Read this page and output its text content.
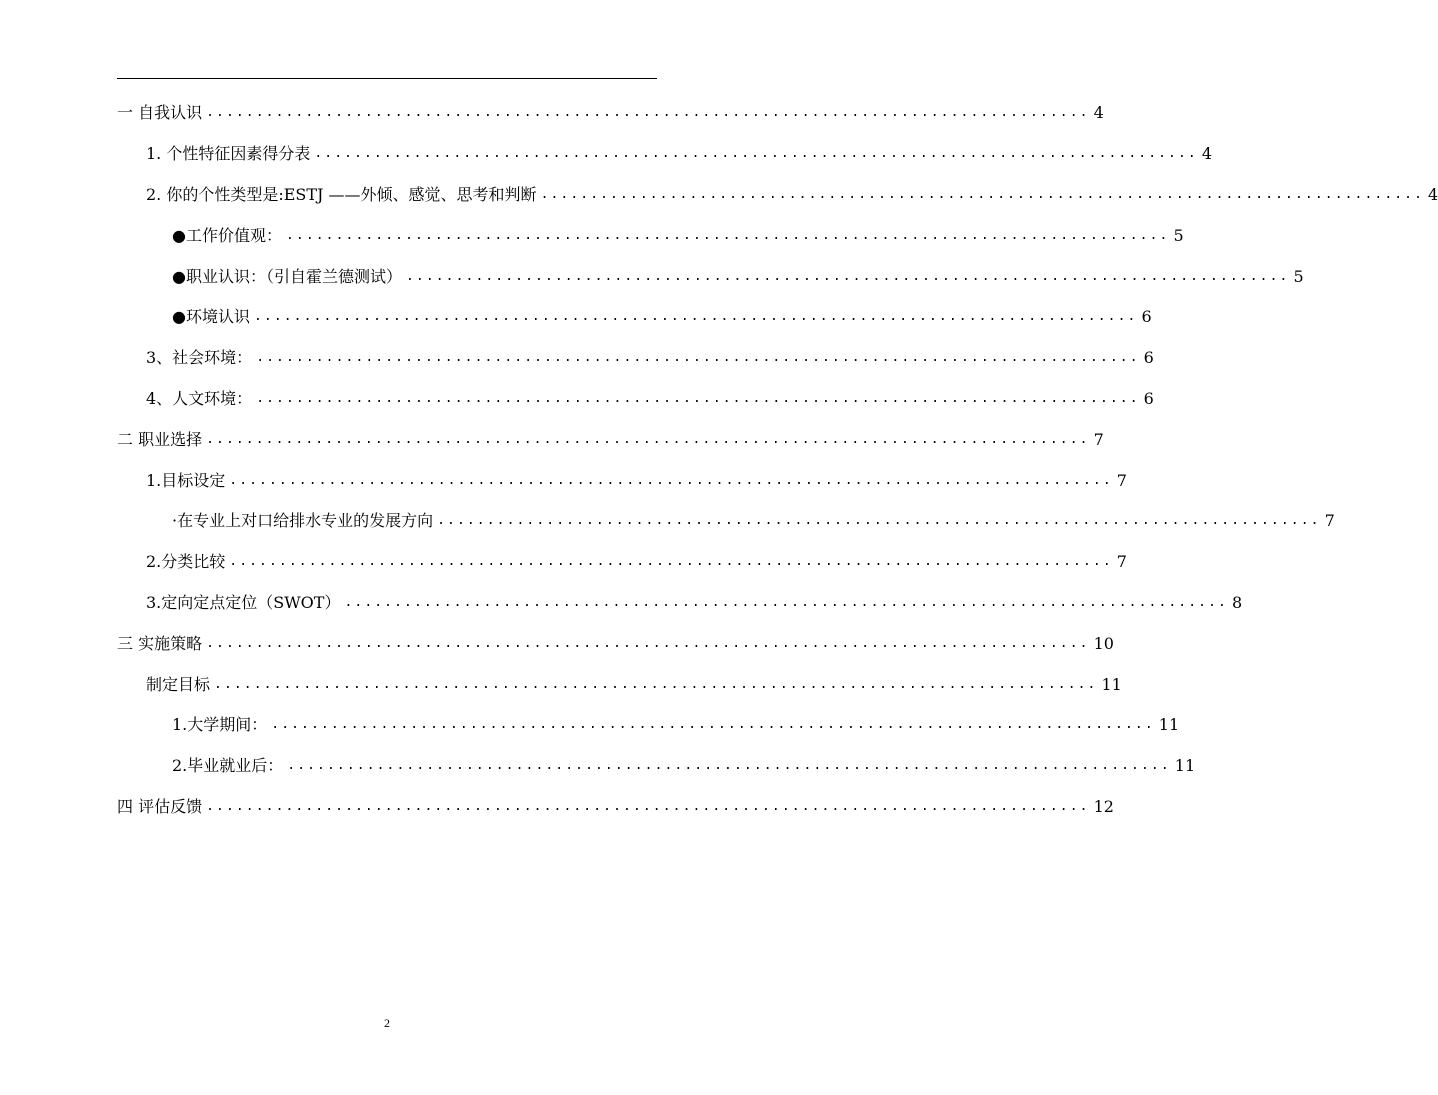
一 自我认识 ......................................................................................... 4
1. 个性特征因素得分表 ......................................................................................... 4
2. 你的个性类型是:ESTJ ——外倾、感觉、思考和判断 ......................................................................................... 4
●工作价值观： ......................................................................................... 5
●职业认识：（引自霍兰德测试） ......................................................................................... 5
●环境认识 ......................................................................................... 6
3、社会环境： ......................................................................................... 6
4、人文环境： ......................................................................................... 6
二 职业选择 ......................................................................................... 7
1.目标设定 ......................................................................................... 7
·在专业上对口给排水专业的发展方向 ......................................................................................... 7
2.分类比较 ......................................................................................... 7
3.定向定点定位（SWOT） ......................................................................................... 8
三 实施策略 ......................................................................................... 10
制定目标 ......................................................................................... 11
1.大学期间： ......................................................................................... 11
2.毕业就业后： ......................................................................................... 11
四 评估反馈 ......................................................................................... 12
2
